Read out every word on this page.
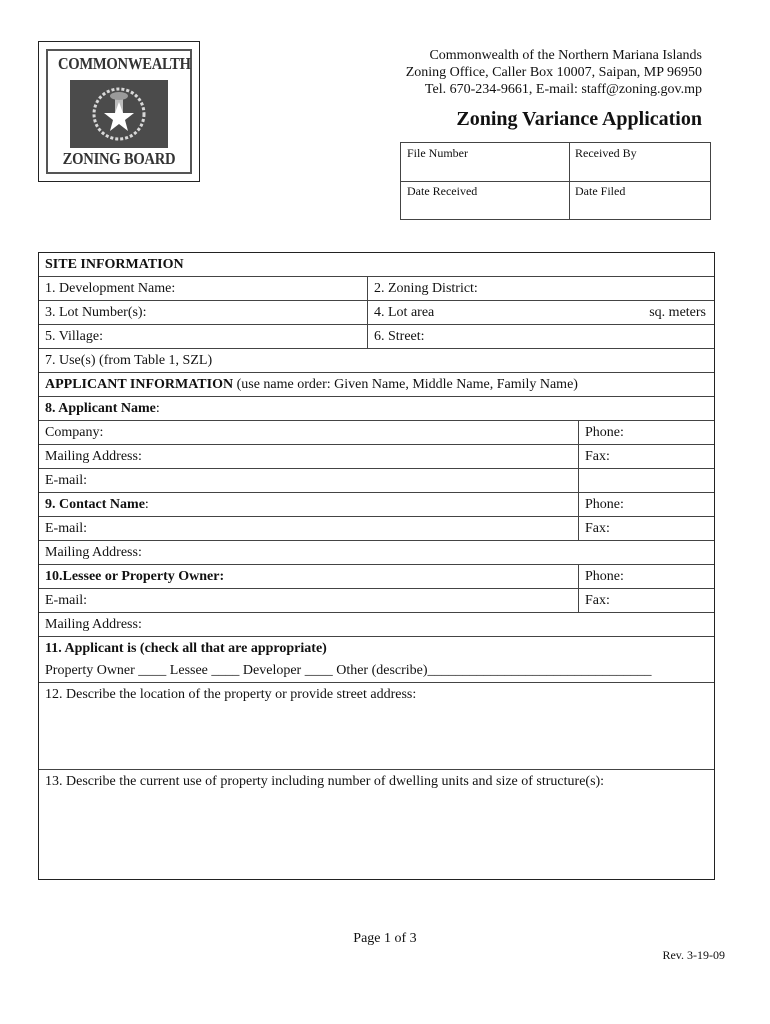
COMMONWEALTH
ZONING BOARD
Commonwealth of the Northern Mariana Islands
Zoning Office, Caller Box 10007, Saipan, MP 96950
Tel. 670-234-9661, E-mail: staff@zoning.gov.mp
Zoning Variance Application
File Number	Received By
Date Received	Date Filed
SITE INFORMATION
1. Development Name:	2. Zoning District:
3. Lot Number(s):	4. Lot area	sq. meters
5. Village:	6. Street:
7. Use(s) (from Table 1, SZL)
APPLICANT INFORMATION (use name order: Given Name, Middle Name, Family Name)
8. Applicant Name:
Company:	Phone:
Mailing Address:	Fax:
E-mail:
9. Contact Name:	Phone:
E-mail:	Fax:
Mailing Address:
10.Lessee or Property Owner:	Phone:
E-mail:	Fax:
Mailing Address:
11. Applicant is (check all that are appropriate)
Property Owner ____ Lessee ____ Developer ____ Other (describe)________________________________
12. Describe the location of the property or provide street address:
13. Describe the current use of property including number of dwelling units and size of structure(s):
Page 1 of 3
Rev. 3-19-09
